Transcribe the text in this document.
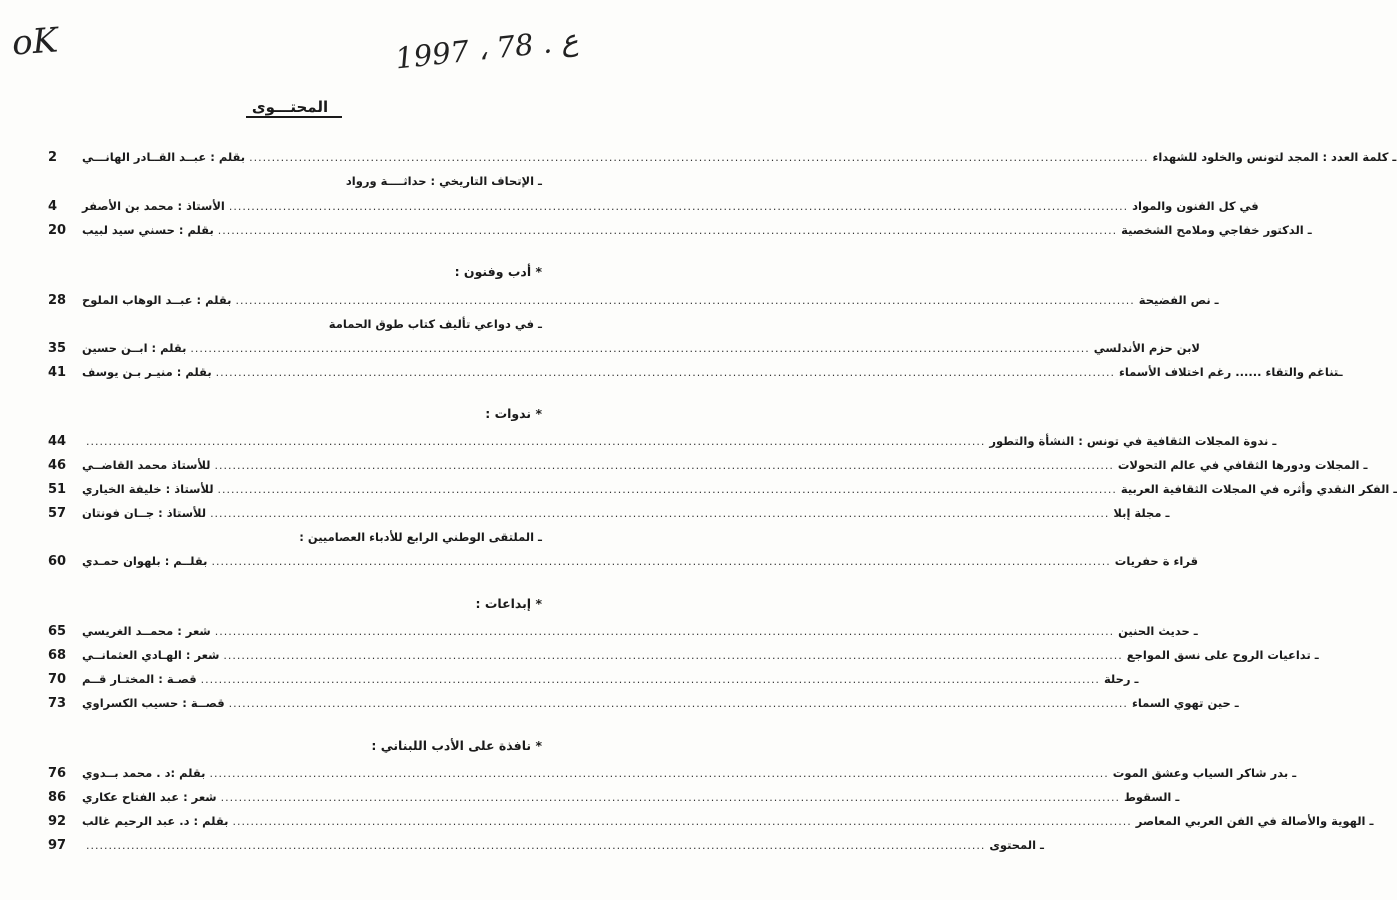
oK	1997 ، 78 . ع
المحتـــوى
2	بقلم : عبــد القــادر الهانـــي ........................................................................................................................................................................................................ ـ كلمة العدد : المجد لتونس والخلود للشهداء
ـ الإتحاف التاريخي : حداثــــة ورواد
4	الأستاذ : محمد بن الأصفر ........................................................................................................................................................................................................ في كل الفنون والمواد
20	بقلم : حسني سيد لبيب ........................................................................................................................................................................................................ ـ الدكتور خفاجي وملامح الشخصية
* أدب وفنون :
28	بقلم : عبــد الوهاب الملوح ........................................................................................................................................................................................................ ـ نص الفضيحة
ـ في دواعي تأليف كتاب طوق الحمامة
35	بقلم : ابــن حسين ........................................................................................................................................................................................................ لابن حزم الأندلسي
41	بقلم : منيـر بـن يوسف ........................................................................................................................................................................................................ ـتناغم والتقاء ...... رغم اختلاف الأسماء
* ندوات :
44	........................................................................................................................................................................................................ ـ ندوة المجلات الثقافية في تونس : النشأة والتطور
46	للأستاذ محمد القاضــي ........................................................................................................................................................................................................ ـ المجلات ودورها الثقافي في عالم التحولات
51	للأستاذ : خليفة الخياري ........................................................................................................................................................................................................ ـ الفكر النقدي وأثره في المجلات الثقافية العربية
57	للأستاذ : جــان فونتان ........................................................................................................................................................................................................ ـ مجلة إبلا
ـ الملتقى الوطني الرابع للأدباء العصاميين :
60	بقلــم : بلهوان حمـدي ........................................................................................................................................................................................................ قراء ة حفريات
* إبداعات :
65	شعر : محمــد الغريسي ........................................................................................................................................................................................................ ـ حديث الحنين
68	شعر : الهـادي العثمانــي ........................................................................................................................................................................................................ ـ تداعيات الروح على نسق المواجع
70	قصـة : المختـار قــم ........................................................................................................................................................................................................ ـ رحلة
73	قصــة : حسيب الكسراوي ........................................................................................................................................................................................................ ـ حين تهوي السماء
* نافذة على الأدب اللبناني :
76	بقلم :د . محمد بــدوي ........................................................................................................................................................................................................ ـ بدر شاكر السياب وعشق الموت
86	شعر : عبد الفتاح عكاري ........................................................................................................................................................................................................ ـ السقوط
92	بقلم : د. عبد الرحيم غالب ........................................................................................................................................................................................................ ـ الهوية والأصالة في الفن العربي المعاصر
97	........................................................................................................................................................................................................ ـ المحتوى
